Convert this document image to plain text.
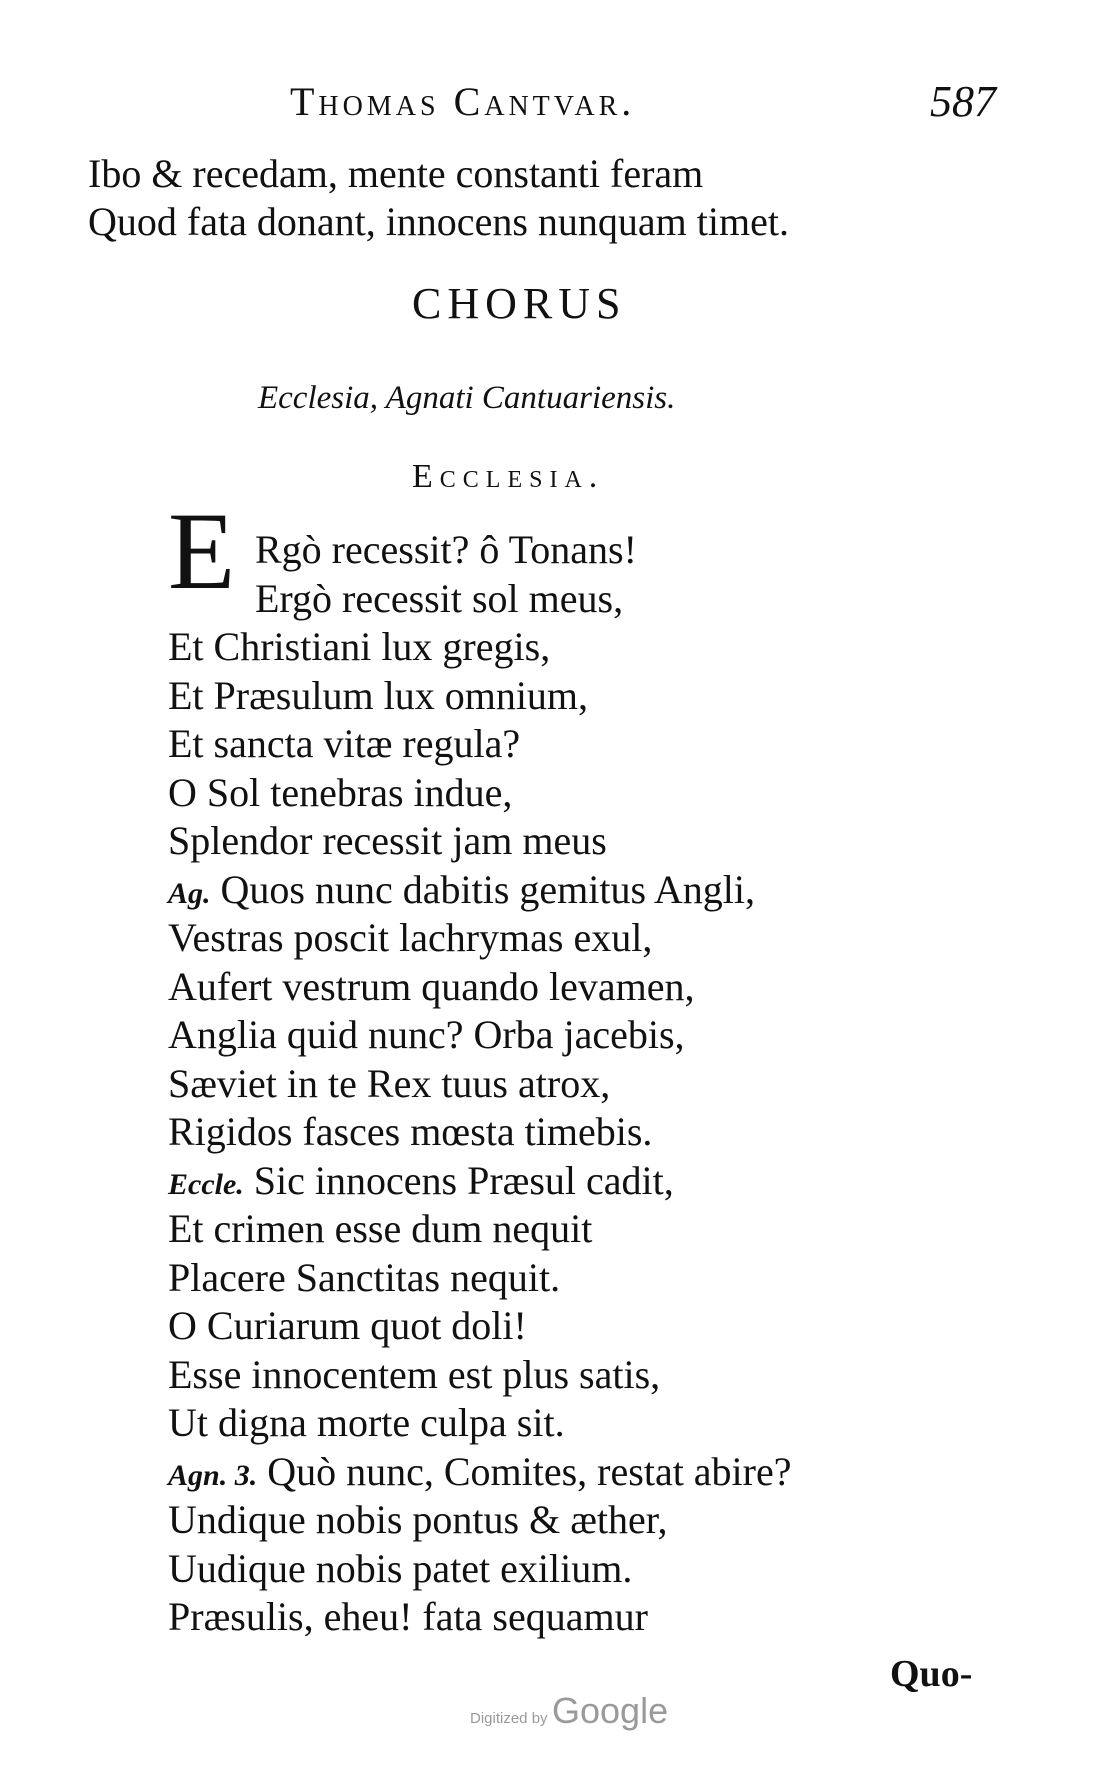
Thomas Cantvar.	587
Ibo & recedam, mente constanti feram
Quod fata donant, innocens nunquam timet.
CHORUS
Ecclesia, Agnati Cantuariensis.
Ecclesia.
E Rgò recessit? ô Tonans!
Ergò recessit sol meus,
Et Christiani lux gregis,
Et Præsulum lux omnium,
Et sancta vitæ regula?
O Sol tenebras indue,
Splendor recessit jam meus
Ag. Quos nunc dabitis gemitus Angli,
Vestras poscit lachrymas exul,
Aufert vestrum quando levamen,
Anglia quid nunc? Orba jacebis,
Sæviet in te Rex tuus atrox,
Rigidos fasces mœsta timebis.
Eccle. Sic innocens Præsul cadit,
Et crimen esse dum nequit
Placere Sanctitas nequit.
O Curiarum quot doli!
Esse innocentem est plus satis,
Ut digna morte culpa sit.
Agn. 3. Quò nunc, Comites, restat abire?
Undique nobis pontus & æther,
Uudique nobis patet exilium.
Præsulis, eheu! fata sequamur
Quo-
Digitized by Google
